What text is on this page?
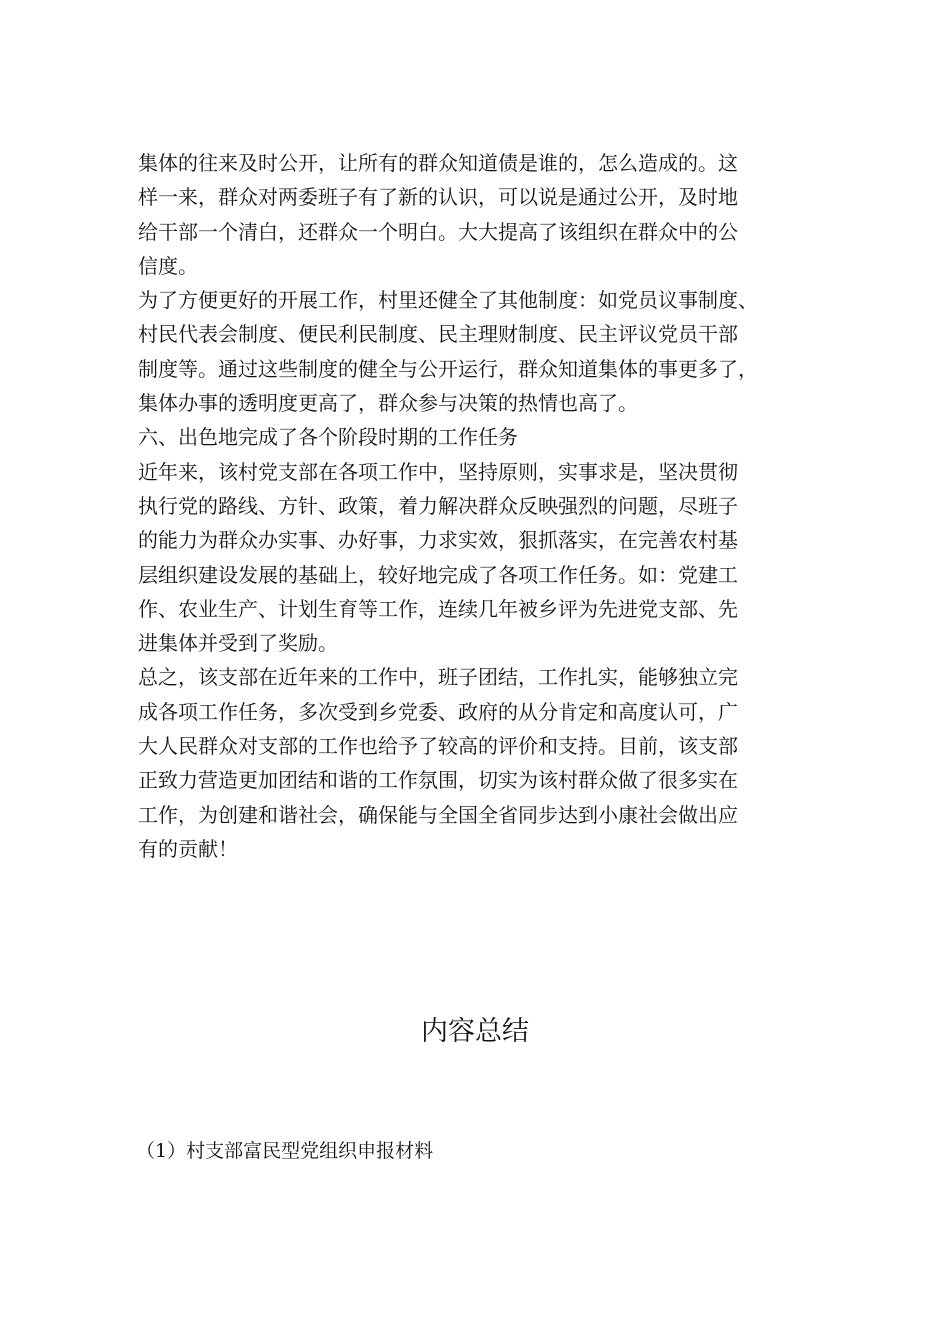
集体的往来及时公开，让所有的群众知道债是谁的，怎么造成的。这
样一来，群众对两委班子有了新的认识，可以说是通过公开，及时地
给干部一个清白，还群众一个明白。大大提高了该组织在群众中的公
信度。
为了方便更好的开展工作，村里还健全了其他制度：如党员议事制度、
村民代表会制度、便民利民制度、民主理财制度、民主评议党员干部
制度等。通过这些制度的健全与公开运行，群众知道集体的事更多了，
集体办事的透明度更高了，群众参与决策的热情也高了。
六、出色地完成了各个阶段时期的工作任务
近年来，该村党支部在各项工作中，坚持原则，实事求是，坚决贯彻
执行党的路线、方针、政策，着力解决群众反映强烈的问题，尽班子
的能力为群众办实事、办好事，力求实效，狠抓落实，在完善农村基
层组织建设发展的基础上，较好地完成了各项工作任务。如：党建工
作、农业生产、计划生育等工作，连续几年被乡评为先进党支部、先
进集体并受到了奖励。
总之，该支部在近年来的工作中，班子团结，工作扎实，能够独立完
成各项工作任务，多次受到乡党委、政府的从分肯定和高度认可，广
大人民群众对支部的工作也给予了较高的评价和支持。目前，该支部
正致力营造更加团结和谐的工作氛围，切实为该村群众做了很多实在
工作，为创建和谐社会，确保能与全国全省同步达到小康社会做出应
有的贡献！
内容总结
（1）村支部富民型党组织申报材料
